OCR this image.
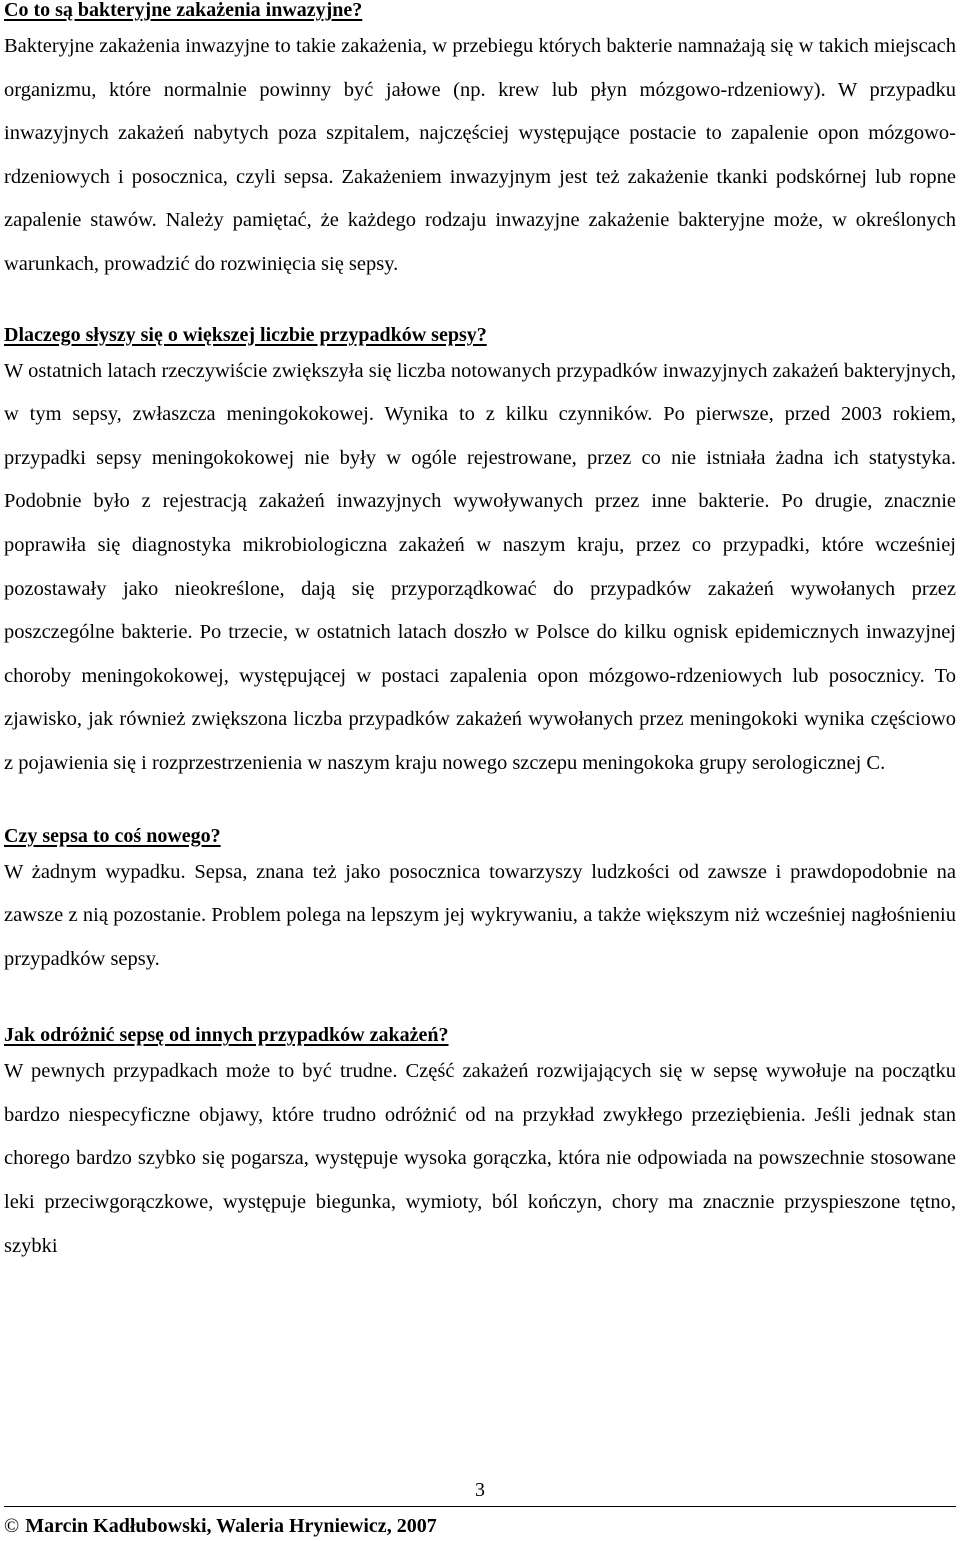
Co to są bakteryjne zakażenia inwazyjne?

Bakteryjne zakażenia inwazyjne to takie zakażenia, w przebiegu których bakterie namnażają się w takich miejscach organizmu, które normalnie powinny być jałowe (np. krew lub płyn mózgowo-rdzeniowy). W przypadku inwazyjnych zakażeń nabytych poza szpitalem, najczęściej występujące postacie to zapalenie opon mózgowo-rdzeniowych i posocznica, czyli sepsa. Zakażeniem inwazyjnym jest też zakażenie tkanki podskórnej lub ropne zapalenie stawów. Należy pamiętać, że każdego rodzaju inwazyjne zakażenie bakteryjne może, w określonych warunkach, prowadzić do rozwinięcia się sepsy.

Dlaczego słyszy się o większej liczbie przypadków sepsy?

W ostatnich latach rzeczywiście zwiększyła się liczba notowanych przypadków inwazyjnych zakażeń bakteryjnych, w tym sepsy, zwłaszcza meningokokowej. Wynika to z kilku czynników. Po pierwsze, przed 2003 rokiem, przypadki sepsy meningokokowej nie były w ogóle rejestrowane, przez co nie istniała żadna ich statystyka. Podobnie było z rejestracją zakażeń inwazyjnych wywoływanych przez inne bakterie. Po drugie, znacznie poprawiła się diagnostyka mikrobiologiczna zakażeń w naszym kraju, przez co przypadki, które wcześniej pozostawały jako nieokreślone, dają się przyporządkować do przypadków zakażeń wywołanych przez poszczególne bakterie. Po trzecie, w ostatnich latach doszło w Polsce do kilku ognisk epidemicznych inwazyjnej choroby meningokokowej, występującej w postaci zapalenia opon mózgowo-rdzeniowych lub posocznicy. To zjawisko, jak również zwiększona liczba przypadków zakażeń wywołanych przez meningokoki wynika częściowo z pojawienia się i rozprzestrzenienia w naszym kraju nowego szczepu meningokoka grupy serologicznej C.

Czy sepsa to coś nowego?

W żadnym wypadku. Sepsa, znana też jako posocznica towarzyszy ludzkości od zawsze i prawdopodobnie na zawsze z nią pozostanie. Problem polega na lepszym jej wykrywaniu, a także większym niż wcześniej nagłośnieniu przypadków sepsy.

Jak odróżnić sepsę od innych przypadków zakażeń?

W pewnych przypadkach może to być trudne. Część zakażeń rozwijających się w sepsę wywołuje na początku bardzo niespecyficzne objawy, które trudno odróżnić od na przykład zwykłego przeziębienia. Jeśli jednak stan chorego bardzo szybko się pogarsza, występuje wysoka gorączka, która nie odpowiada na powszechnie stosowane leki przeciwgorączkowe, występuje biegunka, wymioty, ból kończyn, chory ma znacznie przyspieszone tętno, szybki

3
© Marcin Kadłubowski, Waleria Hryniewicz, 2007
